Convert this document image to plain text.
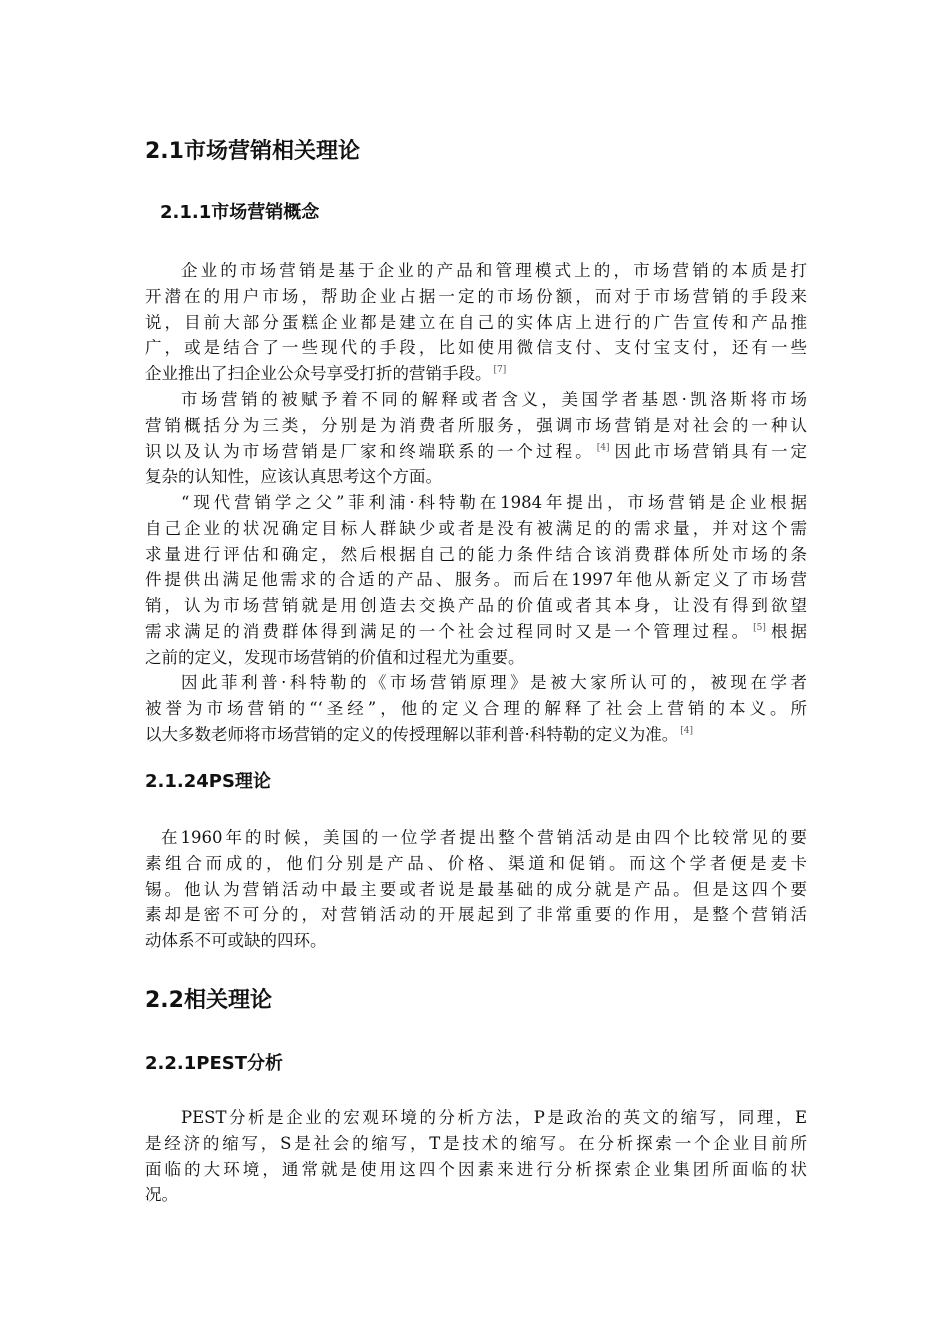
2.1市场营销相关理论
2.1.1市场营销概念
企业的市场营销是基于企业的产品和管理模式上的，市场营销的本质是打
开潜在的用户市场，帮助企业占据一定的市场份额，而对于市场营销的手段来
说，目前大部分蛋糕企业都是建立在自己的实体店上进行的广告宣传和产品推
广，或是结合了一些现代的手段，比如使用微信支付、支付宝支付，还有一些
企业推出了扫企业公众号享受打折的营销手段。 [7]
市场营销的被赋予着不同的解释或者含义，美国学者基恩·凯洛斯将市场
营销概括分为三类，分别是为消费者所服务，强调市场营销是对社会的一种认
识以及认为市场营销是厂家和终端联系的一个过程。 [4] 因此市场营销具有一定
复杂的认知性，应该认真思考这个方面。
“现代营销学之父”菲利浦·科特勒在1984年提出，市场营销是企业根据
自己企业的状况确定目标人群缺少或者是没有被满足的的需求量，并对这个需
求量进行评估和确定，然后根据自己的能力条件结合该消费群体所处市场的条
件提供出满足他需求的合适的产品、服务。而后在1997年他从新定义了市场营
销，认为市场营销就是用创造去交换产品的价值或者其本身，让没有得到欲望
需求满足的消费群体得到满足的一个社会过程同时又是一个管理过程。 [5] 根据
之前的定义，发现市场营销的价值和过程尤为重要。
因此菲利普·科特勒的《市场营销原理》是被大家所认可的，被现在学者
被誉为市场营销的“‘圣经”，他的定义合理的解释了社会上营销的本义。所
以大多数老师将市场营销的定义的传授理解以菲利普·科特勒的定义为准。 [4]
2.1.24PS理论
在1960年的时候，美国的一位学者提出整个营销活动是由四个比较常见的要
素组合而成的，他们分别是产品、价格、渠道和促销。而这个学者便是麦卡
锡。他认为营销活动中最主要或者说是最基础的成分就是产品。但是这四个要
素却是密不可分的，对营销活动的开展起到了非常重要的作用，是整个营销活
动体系不可或缺的四环。
2.2相关理论
2.2.1PEST分析
PEST分析是企业的宏观环境的分析方法，P是政治的英文的缩写，同理，E
是经济的缩写，S是社会的缩写，T是技术的缩写。在分析探索一个企业目前所
面临的大环境，通常就是使用这四个因素来进行分析探索企业集团所面临的状
况。
